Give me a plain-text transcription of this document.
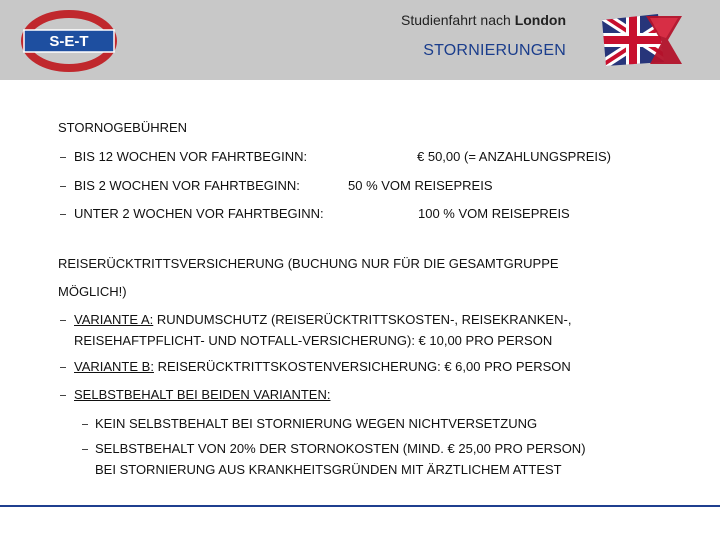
S-E-T
Studienfahrt nach London
STORNIERUNGEN
STORNOGEBÜHREN
BIS 12 WOCHEN VOR FAHRTBEGINN:	€ 50,00 (= ANZAHLUNGSPREIS)
BIS 2 WOCHEN VOR FAHRTBEGINN:	50 % VOM REISEPREIS
UNTER 2 WOCHEN VOR FAHRTBEGINN:	100 % VOM REISEPREIS
REISERÜCKTRITTSVERSICHERUNG (BUCHUNG NUR FÜR DIE GESAMTGRUPPE
MÖGLICH!)
VARIANTE A: RUNDUMSCHUTZ (REISERÜCKTRITTSKOSTEN-, REISEKRANKEN-,
REISEHAFTPFLICHT- UND NOTFALL-VERSICHERUNG): € 10,00 PRO PERSON
VARIANTE B: REISERÜCKTRITTSKOSTENVERSICHERUNG: € 6,00 PRO PERSON
SELBSTBEHALT BEI BEIDEN VARIANTEN:
KEIN SELBSTBEHALT BEI STORNIERUNG WEGEN NICHTVERSETZUNG
SELBSTBEHALT VON 20% DER STORNOKOSTEN (MIND. € 25,00 PRO PERSON)
BEI STORNIERUNG AUS KRANKHEITSGRÜNDEN MIT ÄRZTLICHEM ATTEST
